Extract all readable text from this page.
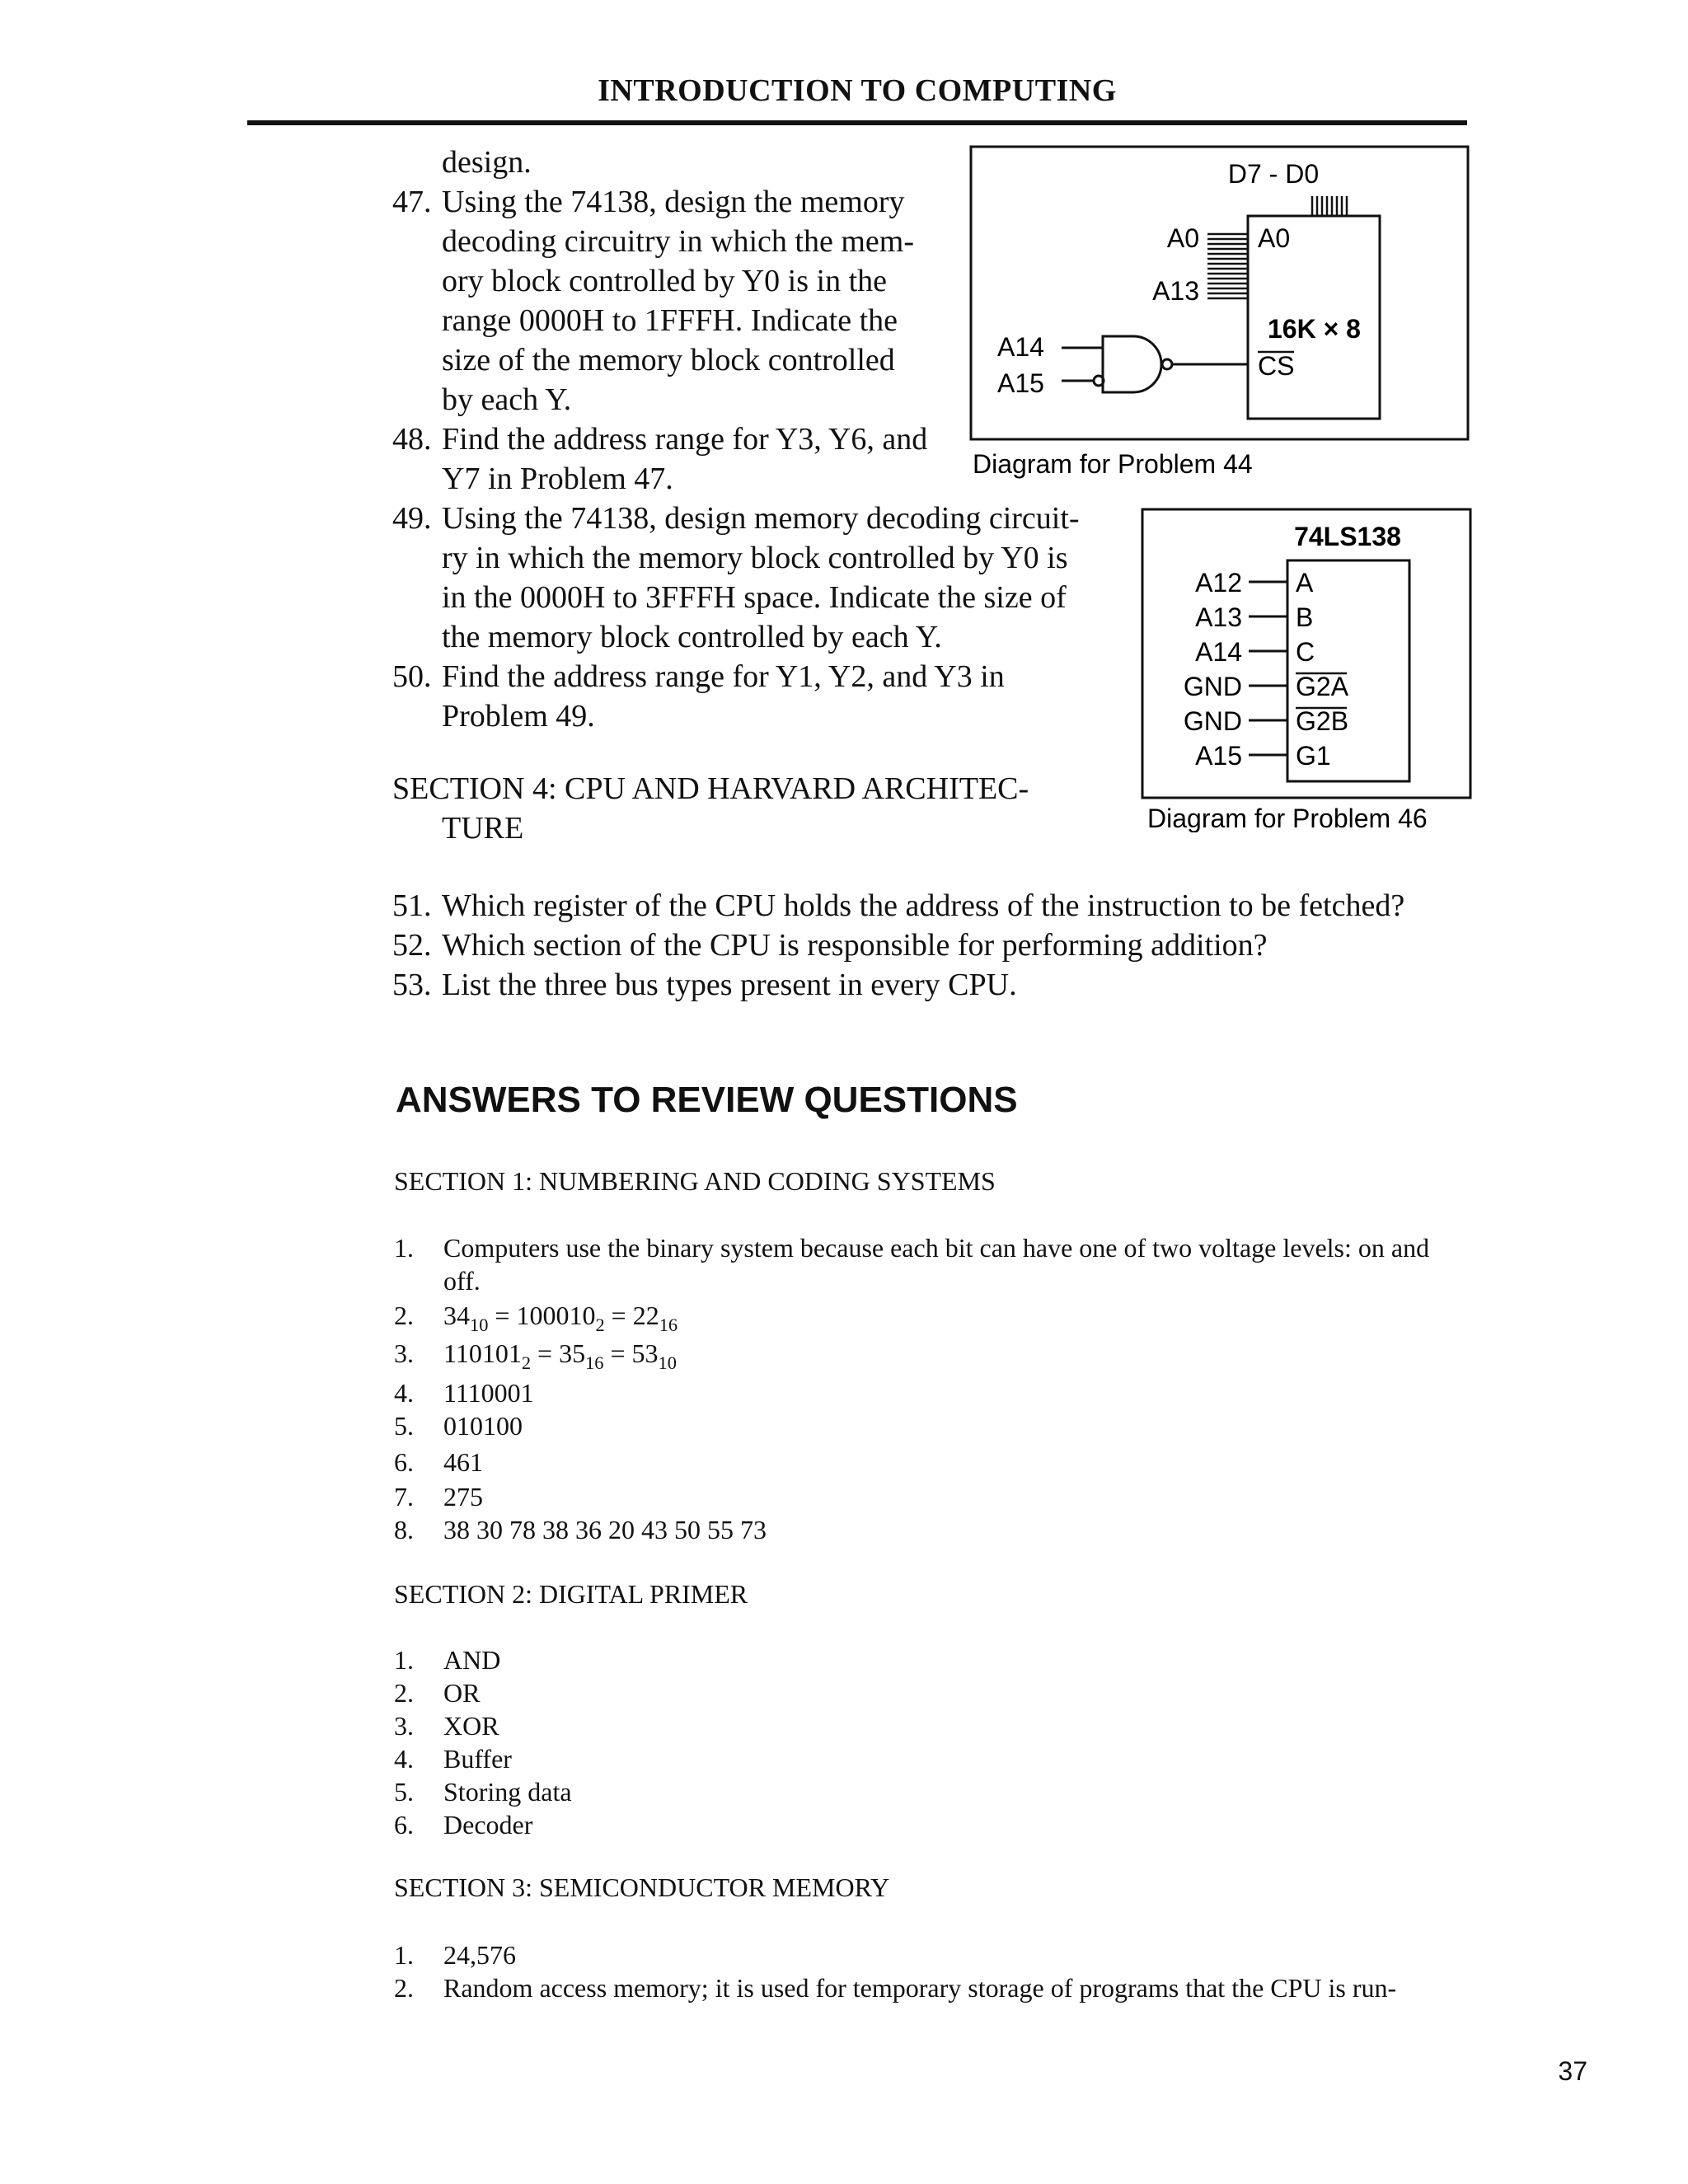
INTRODUCTION TO COMPUTING
design.
47. Using the 74138, design the memory
decoding circuitry in which the mem-
ory block controlled by Y0 is in the
range 0000H to 1FFFH. Indicate the
size of the memory block controlled
by each Y.
48. Find the address range for Y3, Y6, and
Y7 in Problem 47.
49. Using the 74138, design memory decoding circuit-
ry in which the memory block controlled by Y0 is
in the 0000H to 3FFFH space. Indicate the size of
the memory block controlled by each Y.
50. Find the address range for Y1, Y2, and Y3 in
Problem 49.
SECTION 4: CPU AND HARVARD ARCHITEC-
TURE
51. Which register of the CPU holds the address of the instruction to be fetched?
52. Which section of the CPU is responsible for performing addition?
53. List the three bus types present in every CPU.
D7 - D0
A0
16K × 8
CS
A0
A13
A14
A15
Diagram for Problem 44
74LS138
A12
A13
A14
GND
GND
A15
A
B
C
G2A
G2B
G1
Diagram for Problem 46
ANSWERS TO REVIEW QUESTIONS
SECTION 1: NUMBERING AND CODING SYSTEMS
1. Computers use the binary system because each bit can have one of two voltage levels: on and
off.
2. $34_{10} = 100010_2 = 22_{16}$
3. $110101_2 = 35_{16} = 53_{10}$
4. 1110001
5. 010100
6. 461
7. 275
8. 38 30 78 38 36 20 43 50 55 73
SECTION 2: DIGITAL PRIMER
1. AND
2. OR
3. XOR
4. Buffer
5. Storing data
6. Decoder
SECTION 3: SEMICONDUCTOR MEMORY
1. 24,576
2. Random access memory; it is used for temporary storage of programs that the CPU is run-
37
